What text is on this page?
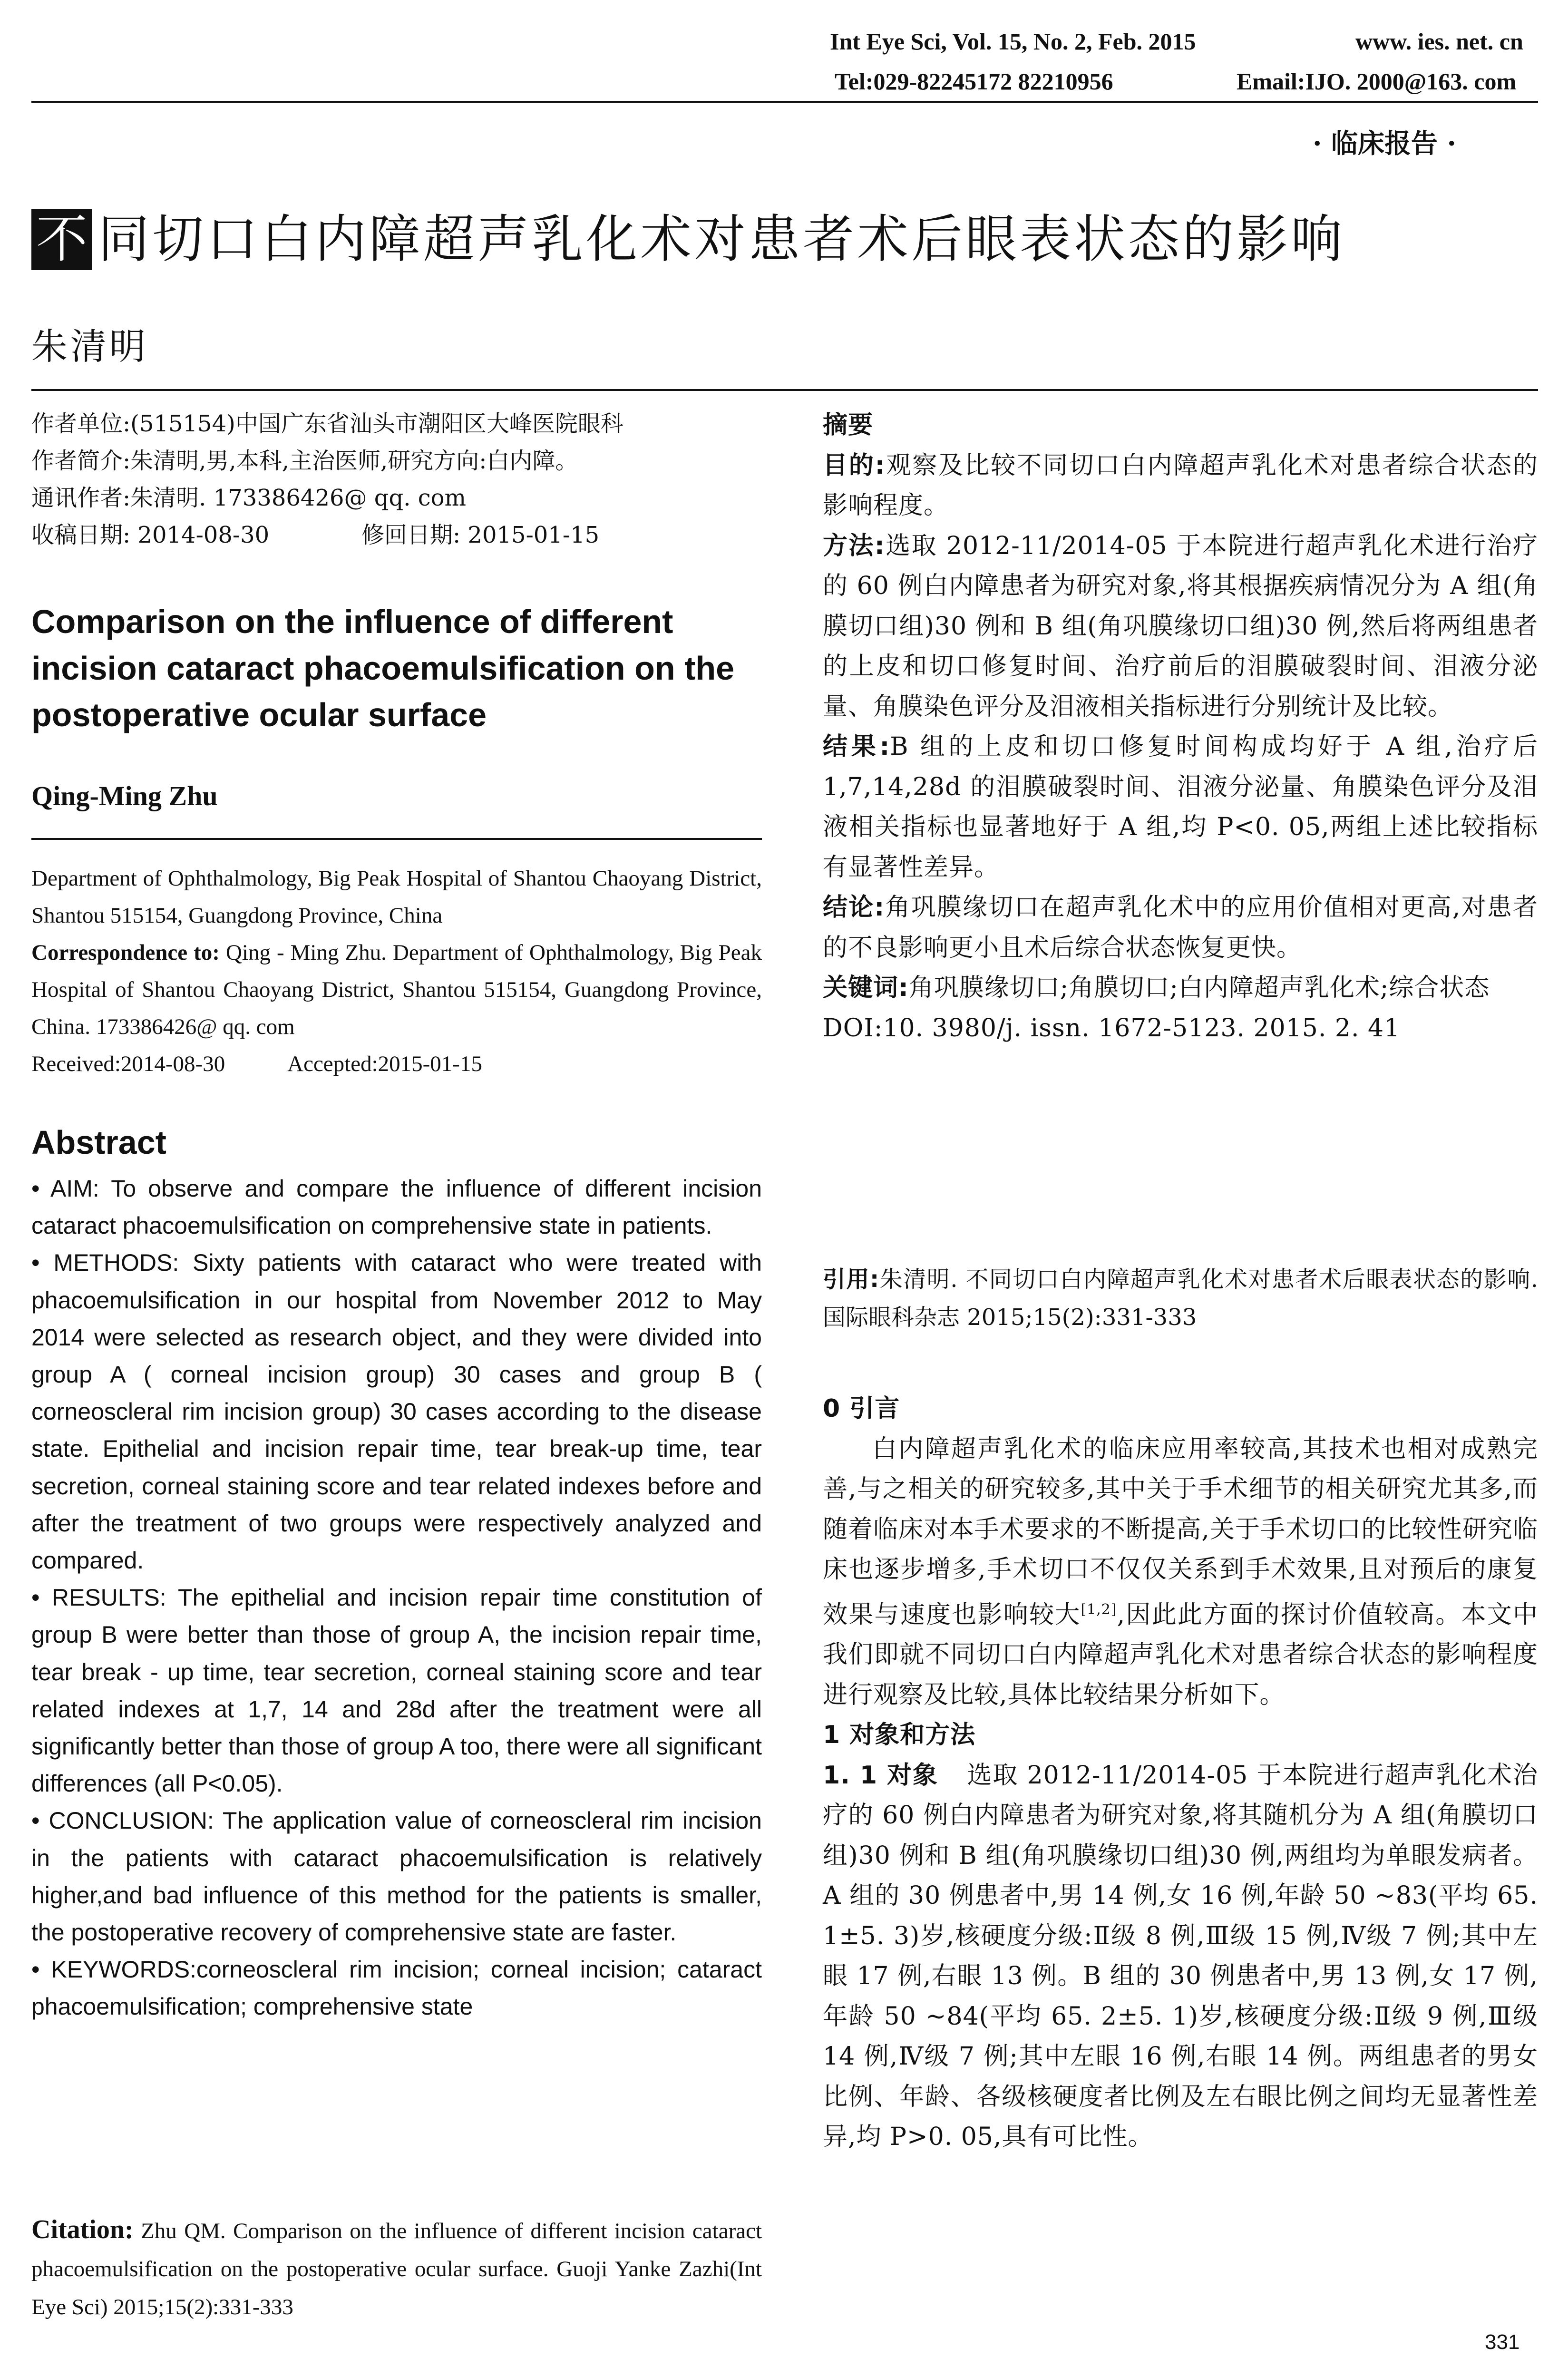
Int Eye Sci, Vol. 15, No. 2, Feb. 2015	www. ies. net. cn
Tel:029-82245172 82210956	Email:IJO. 2000@163. com
· 临床报告 ·
不 同切口白内障超声乳化术对患者术后眼表状态的影响
朱清明
作者单位:(515154)中国广东省汕头市潮阳区大峰医院眼科
作者简介:朱清明,男,本科,主治医师,研究方向:白内障。
通讯作者:朱清明. 173386426@ qq. com
收稿日期: 2014-08-30	修回日期: 2015-01-15
Comparison on the influence of different incision cataract phacoemulsification on the postoperative ocular surface
Qing-Ming Zhu
Department of Ophthalmology, Big Peak Hospital of Shantou Chaoyang District, Shantou 515154, Guangdong Province, China
Correspondence to: Qing - Ming Zhu. Department of Ophthalmology, Big Peak Hospital of Shantou Chaoyang District, Shantou 515154, Guangdong Province, China. 173386426@ qq. com
Received:2014-08-30	Accepted:2015-01-15
Abstract

• AIM: To observe and compare the influence of different incision cataract phacoemulsification on comprehensive state in patients.

• METHODS: Sixty patients with cataract who were treated with phacoemulsification in our hospital from November 2012 to May 2014 were selected as research object, and they were divided into group A ( corneal incision group) 30 cases and group B ( corneoscleral rim incision group) 30 cases according to the disease state. Epithelial and incision repair time, tear break-up time, tear secretion, corneal staining score and tear related indexes before and after the treatment of two groups were respectively analyzed and compared.

• RESULTS: The epithelial and incision repair time constitution of group B were better than those of group A, the incision repair time, tear break - up time, tear secretion, corneal staining score and tear related indexes at 1,7, 14 and 28d after the treatment were all significantly better than those of group A too, there were all significant differences (all P<0.05).

• CONCLUSION: The application value of corneoscleral rim incision in the patients with cataract phacoemulsification is relatively higher,and bad influence of this method for the patients is smaller, the postoperative recovery of comprehensive state are faster.

• KEYWORDS:corneoscleral rim incision; corneal incision; cataract phacoemulsification; comprehensive state

Citation: Zhu QM. Comparison on the influence of different incision cataract phacoemulsification on the postoperative ocular surface. Guoji Yanke Zazhi(Int Eye Sci) 2015;15(2):331-333

摘要

目的:观察及比较不同切口白内障超声乳化术对患者综合状态的影响程度。

方法:选取 2012-11/2014-05 于本院进行超声乳化术进行治疗的 60 例白内障患者为研究对象,将其根据疾病情况分为 A 组(角膜切口组)30 例和 B 组(角巩膜缘切口组)30 例,然后将两组患者的上皮和切口修复时间、治疗前后的泪膜破裂时间、泪液分泌量、角膜染色评分及泪液相关指标进行分别统计及比较。

结果:B 组的上皮和切口修复时间构成均好于 A 组,治疗后 1,7,14,28d 的泪膜破裂时间、泪液分泌量、角膜染色评分及泪液相关指标也显著地好于 A 组,均 P<0. 05,两组上述比较指标有显著性差异。

结论:角巩膜缘切口在超声乳化术中的应用价值相对更高,对患者的不良影响更小且术后综合状态恢复更快。

关键词:角巩膜缘切口;角膜切口;白内障超声乳化术;综合状态

DOI:10. 3980/j. issn. 1672-5123. 2015. 2. 41

引用:朱清明. 不同切口白内障超声乳化术对患者术后眼表状态的影响. 国际眼科杂志 2015;15(2):331-333

0 引言

白内障超声乳化术的临床应用率较高,其技术也相对成熟完善,与之相关的研究较多,其中关于手术细节的相关研究尤其多,而随着临床对本手术要求的不断提高,关于手术切口的比较性研究临床也逐步增多,手术切口不仅仅关系到手术效果,且对预后的康复效果与速度也影响较大[1,2],因此此方面的探讨价值较高。本文中我们即就不同切口白内障超声乳化术对患者综合状态的影响程度进行观察及比较,具体比较结果分析如下。

1 对象和方法

1. 1 对象 选取 2012-11/2014-05 于本院进行超声乳化术治疗的 60 例白内障患者为研究对象,将其随机分为 A 组(角膜切口组)30 例和 B 组(角巩膜缘切口组)30 例,两组均为单眼发病者。A 组的 30 例患者中,男 14 例,女 16 例,年龄 50 ~83(平均 65. 1±5. 3)岁,核硬度分级:Ⅱ级 8 例,Ⅲ级 15 例,Ⅳ级 7 例;其中左眼 17 例,右眼 13 例。B 组的 30 例患者中,男 13 例,女 17 例,年龄 50 ~84(平均 65. 2±5. 1)岁,核硬度分级:Ⅱ级 9 例,Ⅲ级 14 例,Ⅳ级 7 例;其中左眼 16 例,右眼 14 例。两组患者的男女比例、年龄、各级核硬度者比例及左右眼比例之间均无显著性差异,均 P>0. 05,具有可比性。

331
